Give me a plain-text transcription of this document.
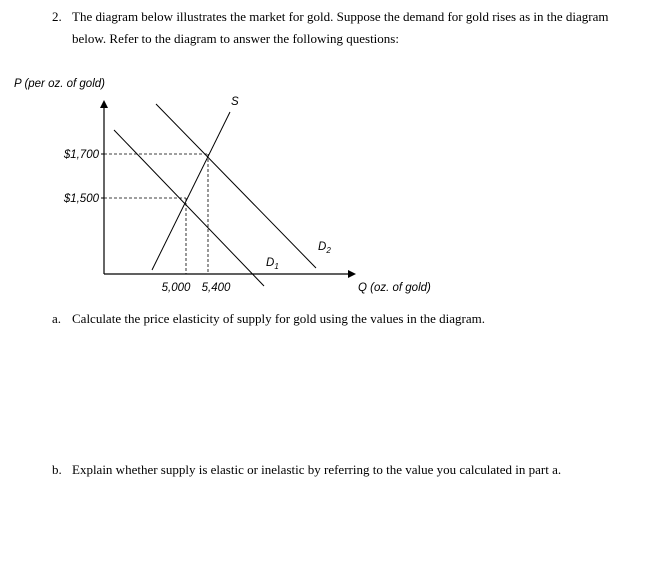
2. The diagram below illustrates the market for gold. Suppose the demand for gold rises as in the diagram
below. Refer to the diagram to answer the following questions:
P (per oz. of gold)
$1,700
$1,500
5,000 5,400	Q (oz. of gold)
S
$D_1$
$D_2$
a. Calculate the price elasticity of supply for gold using the values in the diagram.
b. Explain whether supply is elastic or inelastic by referring to the value you calculated in part a.
